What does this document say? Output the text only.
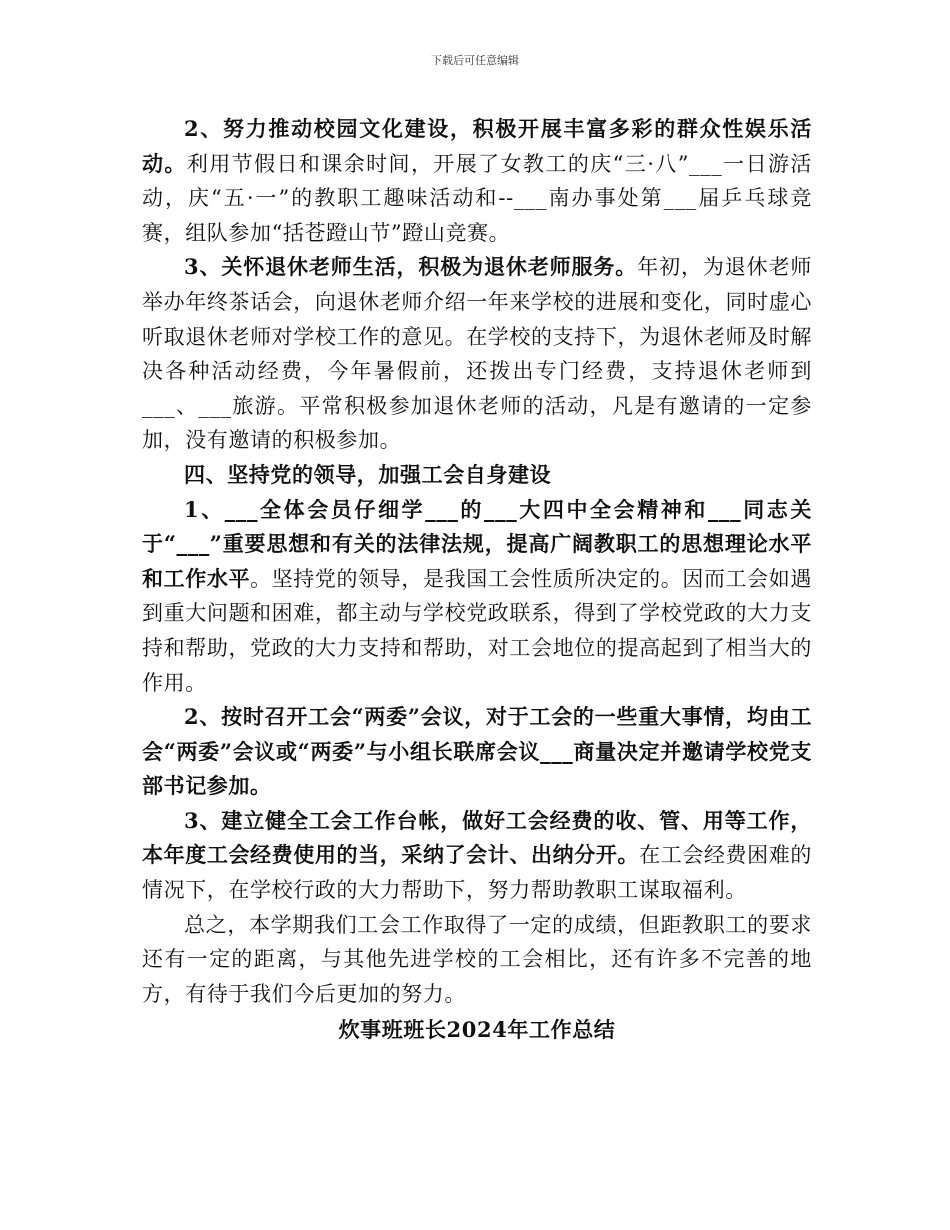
下载后可任意编辑

2、努力推动校园文化建设，积极开展丰富多彩的群众性娱乐活动。利用节假日和课余时间，开展了女教工的庆“三·八”___一日游活动，庆“五·一”的教职工趣味活动和--___南办事处第___届乒乓球竞赛，组队参加“括苍蹬山节”蹬山竞赛。

3、关怀退休老师生活，积极为退休老师服务。年初，为退休老师举办年终茶话会，向退休老师介绍一年来学校的进展和变化，同时虚心听取退休老师对学校工作的意见。在学校的支持下，为退休老师及时解决各种活动经费，今年暑假前，还拨出专门经费，支持退休老师到___、___旅游。平常积极参加退休老师的活动，凡是有邀请的一定参加，没有邀请的积极参加。

四、坚持党的领导，加强工会自身建设

1、___全体会员仔细学___的___大四中全会精神和___同志关于“___”重要思想和有关的法律法规，提高广阔教职工的思想理论水平和工作水平。坚持党的领导，是我国工会性质所决定的。因而工会如遇到重大问题和困难，都主动与学校党政联系，得到了学校党政的大力支持和帮助，党政的大力支持和帮助，对工会地位的提高起到了相当大的作用。

2、按时召开工会“两委”会议，对于工会的一些重大事情，均由工会“两委”会议或“两委”与小组长联席会议___商量决定并邀请学校党支部书记参加。

3、建立健全工会工作台帐，做好工会经费的收、管、用等工作，本年度工会经费使用的当，采纳了会计、出纳分开。在工会经费困难的情况下，在学校行政的大力帮助下，努力帮助教职工谋取福利。

总之，本学期我们工会工作取得了一定的成绩，但距教职工的要求还有一定的距离，与其他先进学校的工会相比，还有许多不完善的地方，有待于我们今后更加的努力。

炊事班班长2024年工作总结
